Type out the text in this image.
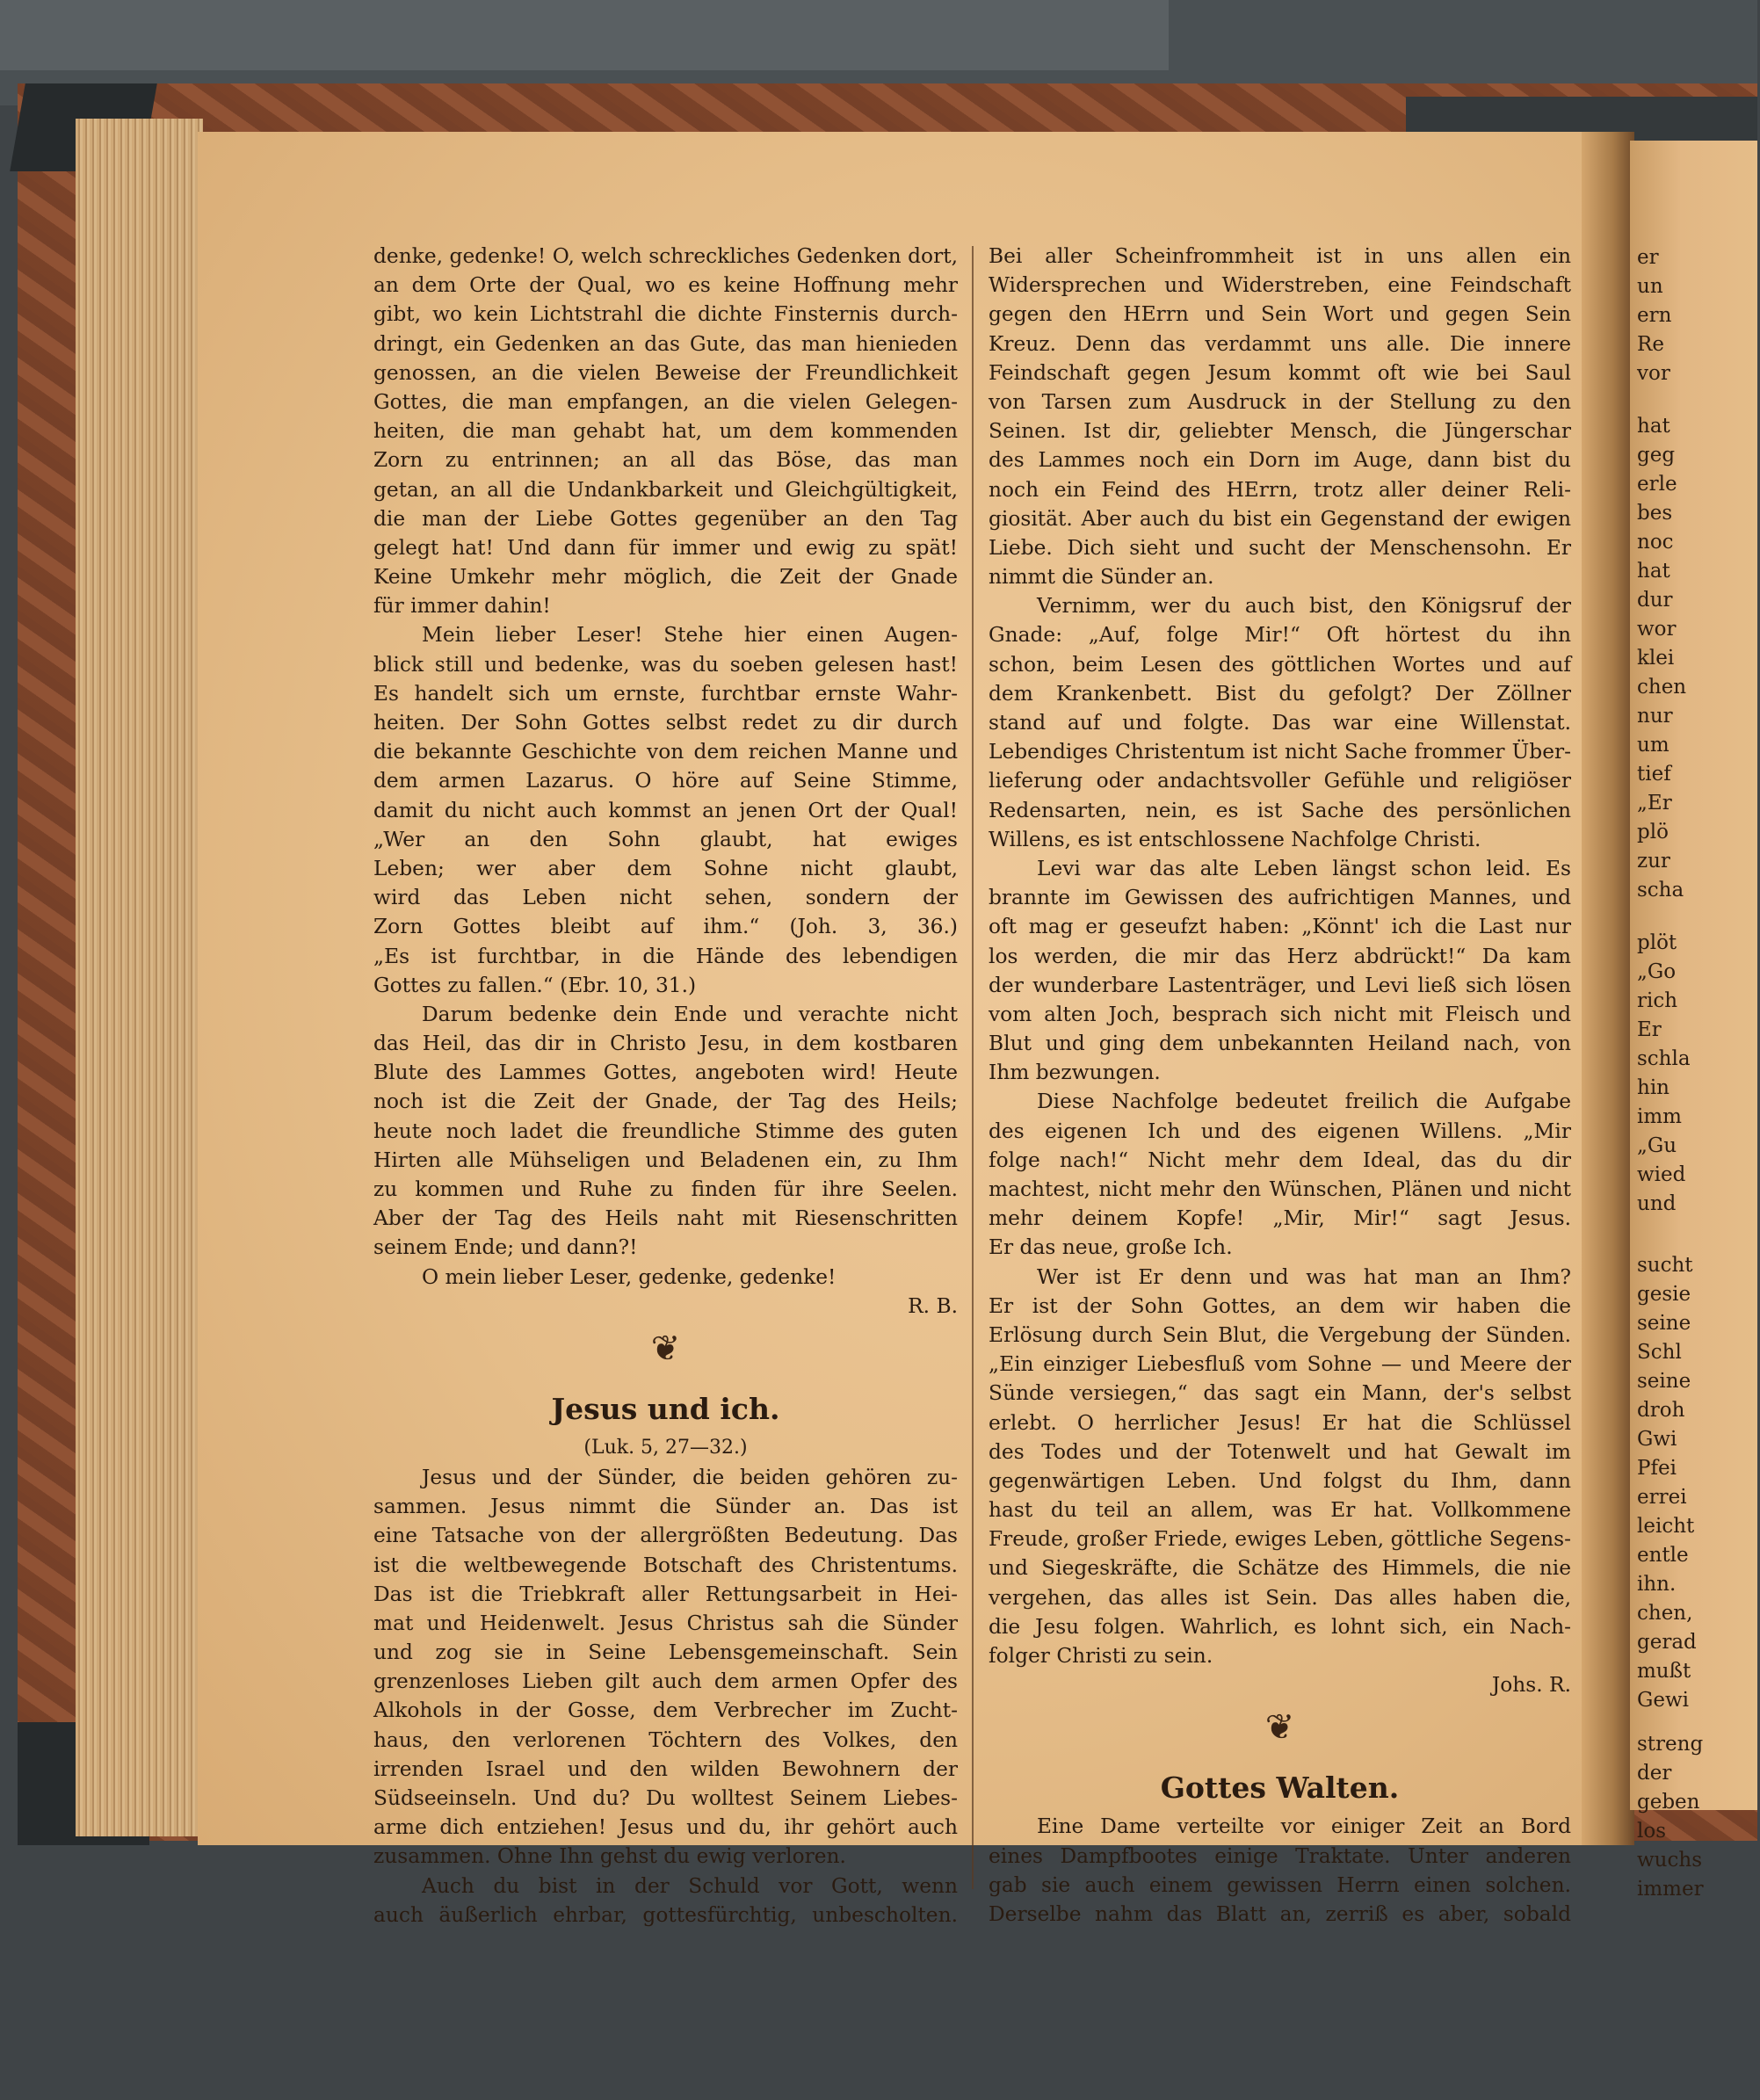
er
un
ern
Re
vor
hat
geg
erle
bes
noc
hat
dur
wor
klei
chen
nur
um
tief
„Er
plö
zur
scha
plöt
„Go
rich
Er
schla
hin
imm
„Gu
wied
und
sucht
gesie
seine
Schl
seine
droh
Gwi
Pfei
errei
leicht
entle
ihn.
chen,
gerad
mußt
Gewi
streng
der
geben
los
wuchs
immer
denke, gedenke! O, welch schreckliches Gedenken dort,
an dem Orte der Qual, wo es keine Hoffnung mehr
gibt, wo kein Lichtstrahl die dichte Finsternis durch-
dringt, ein Gedenken an das Gute, das man hienieden
genossen, an die vielen Beweise der Freundlichkeit
Gottes, die man empfangen, an die vielen Gelegen-
heiten, die man gehabt hat, um dem kommenden
Zorn zu entrinnen; an all das Böse, das man
getan, an all die Undankbarkeit und Gleichgültigkeit,
die man der Liebe Gottes gegenüber an den Tag
gelegt hat! Und dann für immer und ewig zu spät!
Keine Umkehr mehr möglich, die Zeit der Gnade
für immer dahin!
Mein lieber Leser! Stehe hier einen Augen-
blick still und bedenke, was du soeben gelesen hast!
Es handelt sich um ernste, furchtbar ernste Wahr-
heiten. Der Sohn Gottes selbst redet zu dir durch
die bekannte Geschichte von dem reichen Manne und
dem armen Lazarus. O höre auf Seine Stimme,
damit du nicht auch kommst an jenen Ort der Qual!
„Wer an den Sohn glaubt, hat ewiges
Leben; wer aber dem Sohne nicht glaubt,
wird das Leben nicht sehen, sondern der
Zorn Gottes bleibt auf ihm.“ (Joh. 3, 36.)
„Es ist furchtbar, in die Hände des lebendigen
Gottes zu fallen.“ (Ebr. 10, 31.)
Darum bedenke dein Ende und verachte nicht
das Heil, das dir in Christo Jesu, in dem kostbaren
Blute des Lammes Gottes, angeboten wird! Heute
noch ist die Zeit der Gnade, der Tag des Heils;
heute noch ladet die freundliche Stimme des guten
Hirten alle Mühseligen und Beladenen ein, zu Ihm
zu kommen und Ruhe zu finden für ihre Seelen.
Aber der Tag des Heils naht mit Riesenschritten
seinem Ende; und dann?!
O mein lieber Leser, gedenke, gedenke!
R. B.
❦
Jesus und ich.
(Luk. 5, 27—32.)
Jesus und der Sünder, die beiden gehören zu-
sammen. Jesus nimmt die Sünder an. Das ist
eine Tatsache von der allergrößten Bedeutung. Das
ist die weltbewegende Botschaft des Christentums.
Das ist die Triebkraft aller Rettungsarbeit in Hei-
mat und Heidenwelt. Jesus Christus sah die Sünder
und zog sie in Seine Lebensgemeinschaft. Sein
grenzenloses Lieben gilt auch dem armen Opfer des
Alkohols in der Gosse, dem Verbrecher im Zucht-
haus, den verlorenen Töchtern des Volkes, den
irrenden Israel und den wilden Bewohnern der
Südseeinseln. Und du? Du wolltest Seinem Liebes-
arme dich entziehen! Jesus und du, ihr gehört auch
zusammen. Ohne Ihn gehst du ewig verloren.
Auch du bist in der Schuld vor Gott, wenn
auch äußerlich ehrbar, gottesfürchtig, unbescholten.
Bei aller Scheinfrommheit ist in uns allen ein
Widersprechen und Widerstreben, eine Feindschaft
gegen den HErrn und Sein Wort und gegen Sein
Kreuz. Denn das verdammt uns alle. Die innere
Feindschaft gegen Jesum kommt oft wie bei Saul
von Tarsen zum Ausdruck in der Stellung zu den
Seinen. Ist dir, geliebter Mensch, die Jüngerschar
des Lammes noch ein Dorn im Auge, dann bist du
noch ein Feind des HErrn, trotz aller deiner Reli-
giosität. Aber auch du bist ein Gegenstand der ewigen
Liebe. Dich sieht und sucht der Menschensohn. Er
nimmt die Sünder an.
Vernimm, wer du auch bist, den Königsruf der
Gnade: „Auf, folge Mir!“ Oft hörtest du ihn
schon, beim Lesen des göttlichen Wortes und auf
dem Krankenbett. Bist du gefolgt? Der Zöllner
stand auf und folgte. Das war eine Willenstat.
Lebendiges Christentum ist nicht Sache frommer Über-
lieferung oder andachtsvoller Gefühle und religiöser
Redensarten, nein, es ist Sache des persönlichen
Willens, es ist entschlossene Nachfolge Christi.
Levi war das alte Leben längst schon leid. Es
brannte im Gewissen des aufrichtigen Mannes, und
oft mag er geseufzt haben: „Könnt' ich die Last nur
los werden, die mir das Herz abdrückt!“ Da kam
der wunderbare Lastenträger, und Levi ließ sich lösen
vom alten Joch, besprach sich nicht mit Fleisch und
Blut und ging dem unbekannten Heiland nach, von
Ihm bezwungen.
Diese Nachfolge bedeutet freilich die Aufgabe
des eigenen Ich und des eigenen Willens. „Mir
folge nach!“ Nicht mehr dem Ideal, das du dir
machtest, nicht mehr den Wünschen, Plänen und nicht
mehr deinem Kopfe! „Mir, Mir!“ sagt Jesus.
Er das neue, große Ich.
Wer ist Er denn und was hat man an Ihm?
Er ist der Sohn Gottes, an dem wir haben die
Erlösung durch Sein Blut, die Vergebung der Sünden.
„Ein einziger Liebesfluß vom Sohne — und Meere der
Sünde versiegen,“ das sagt ein Mann, der's selbst
erlebt. O herrlicher Jesus! Er hat die Schlüssel
des Todes und der Totenwelt und hat Gewalt im
gegenwärtigen Leben. Und folgst du Ihm, dann
hast du teil an allem, was Er hat. Vollkommene
Freude, großer Friede, ewiges Leben, göttliche Segens-
und Siegeskräfte, die Schätze des Himmels, die nie
vergehen, das alles ist Sein. Das alles haben die,
die Jesu folgen. Wahrlich, es lohnt sich, ein Nach-
folger Christi zu sein.
Johs. R.
❦
Gottes Walten.
Eine Dame verteilte vor einiger Zeit an Bord
eines Dampfbootes einige Traktate. Unter anderen
gab sie auch einem gewissen Herrn einen solchen.
Derselbe nahm das Blatt an, zerriß es aber, sobald
